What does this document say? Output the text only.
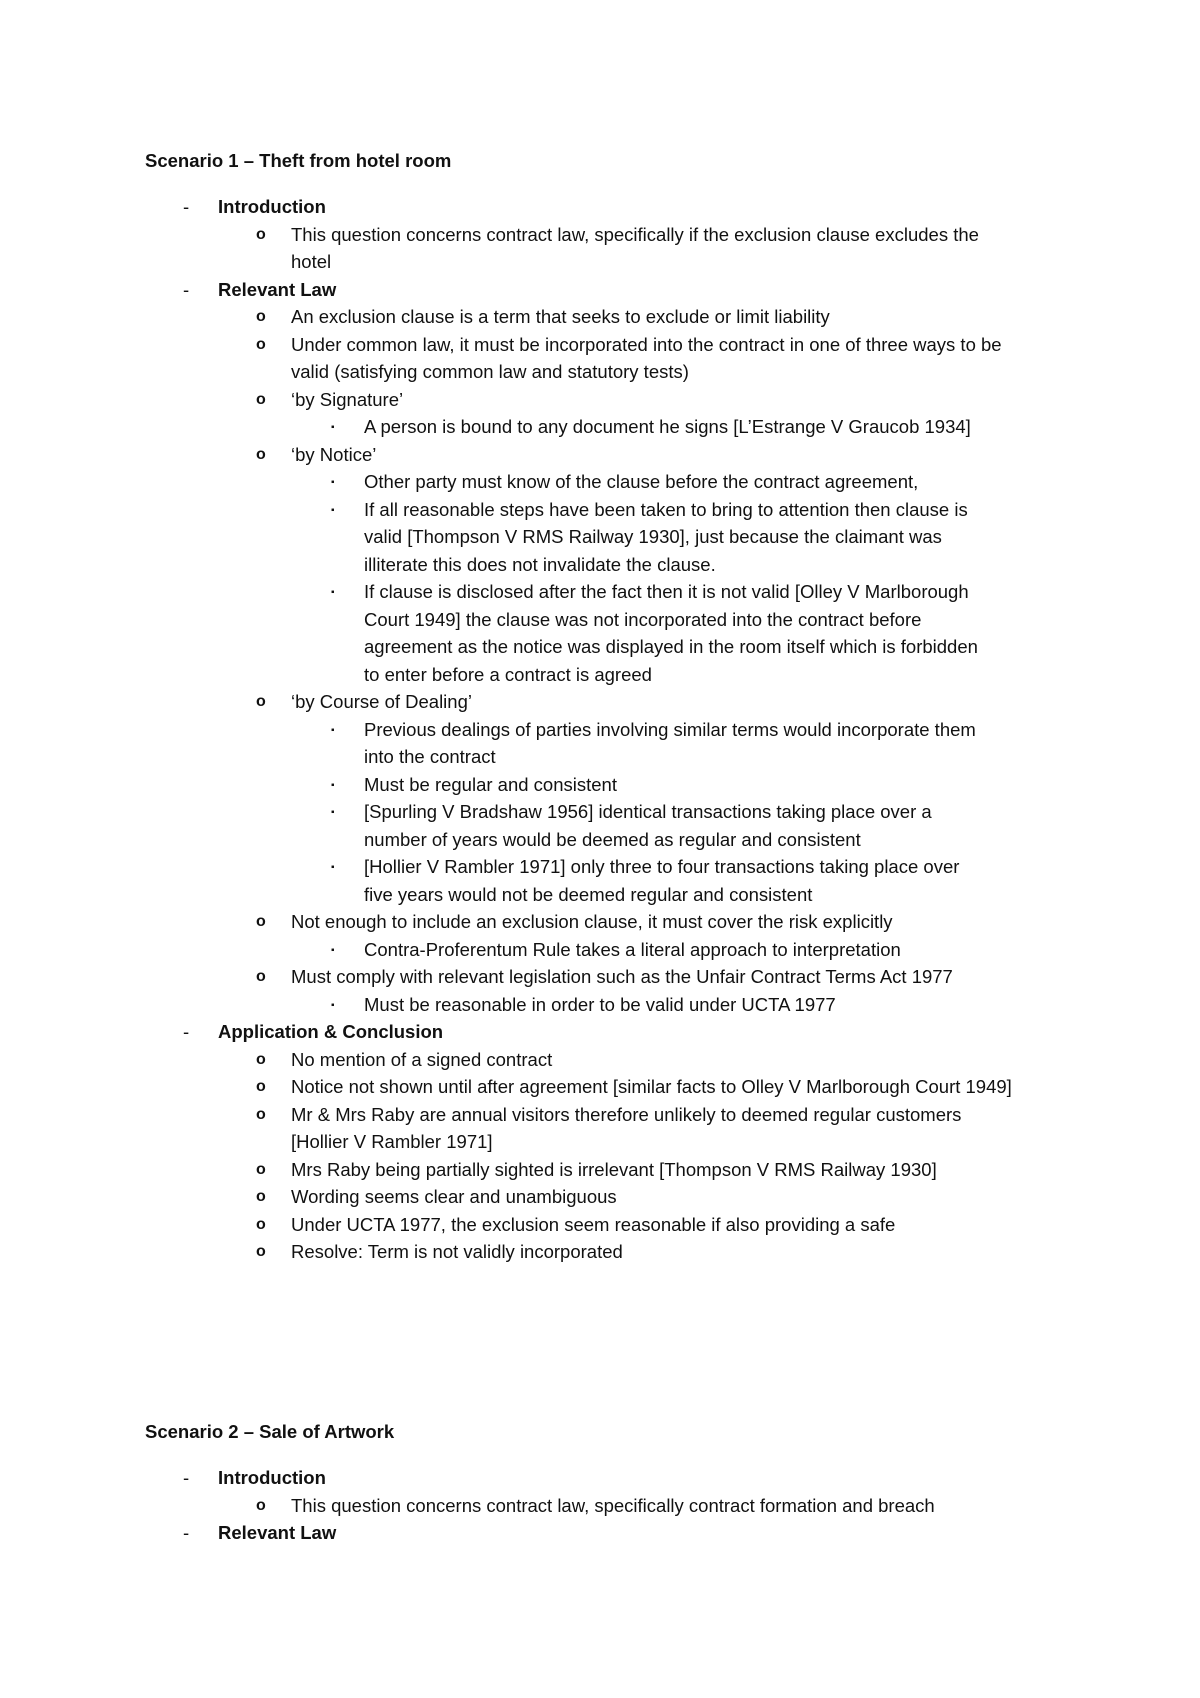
Scenario 1 – Theft from hotel room
- Introduction
o This question concerns contract law, specifically if the exclusion clause excludes the hotel
- Relevant Law
o An exclusion clause is a term that seeks to exclude or limit liability
o Under common law, it must be incorporated into the contract in one of three ways to be valid (satisfying common law and statutory tests)
o ‘by Signature’
▪ A person is bound to any document he signs [L’Estrange V Graucob 1934]
o ‘by Notice’
▪ Other party must know of the clause before the contract agreement,
▪ If all reasonable steps have been taken to bring to attention then clause is valid [Thompson V RMS Railway 1930], just because the claimant was illiterate this does not invalidate the clause.
▪ If clause is disclosed after the fact then it is not valid [Olley V Marlborough Court 1949] the clause was not incorporated into the contract before agreement as the notice was displayed in the room itself which is forbidden to enter before a contract is agreed
o ‘by Course of Dealing’
▪ Previous dealings of parties involving similar terms would incorporate them into the contract
▪ Must be regular and consistent
▪ [Spurling V Bradshaw 1956] identical transactions taking place over a number of years would be deemed as regular and consistent
▪ [Hollier V Rambler 1971] only three to four transactions taking place over five years would not be deemed regular and consistent
o Not enough to include an exclusion clause, it must cover the risk explicitly
▪ Contra-Proferentum Rule takes a literal approach to interpretation
o Must comply with relevant legislation such as the Unfair Contract Terms Act 1977
▪ Must be reasonable in order to be valid under UCTA 1977
- Application & Conclusion
o No mention of a signed contract
o Notice not shown until after agreement [similar facts to Olley V Marlborough Court 1949]
o Mr & Mrs Raby are annual visitors therefore unlikely to deemed regular customers [Hollier V Rambler 1971]
o Mrs Raby being partially sighted is irrelevant [Thompson V RMS Railway 1930]
o Wording seems clear and unambiguous
o Under UCTA 1977, the exclusion seem reasonable if also providing a safe
o Resolve: Term is not validly incorporated
Scenario 2 – Sale of Artwork
- Introduction
o This question concerns contract law, specifically contract formation and breach
- Relevant Law
